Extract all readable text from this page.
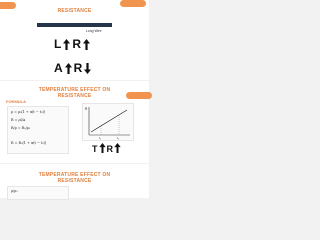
RESISTANCE
Long Wire
L R
A R
TEMPERATURE EFFECT ON
RESISTANCE
FORMULA
ρ = ρ₀(1 + α(t − t₀))
R = ρl/A
R/ρ = R₀/ρ₀
R = R₀(1 + α(t − t₀))
R
t₀	t₁
T R
TEMPERATURE EFFECT ON
RESISTANCE
ρ/ρ₀
